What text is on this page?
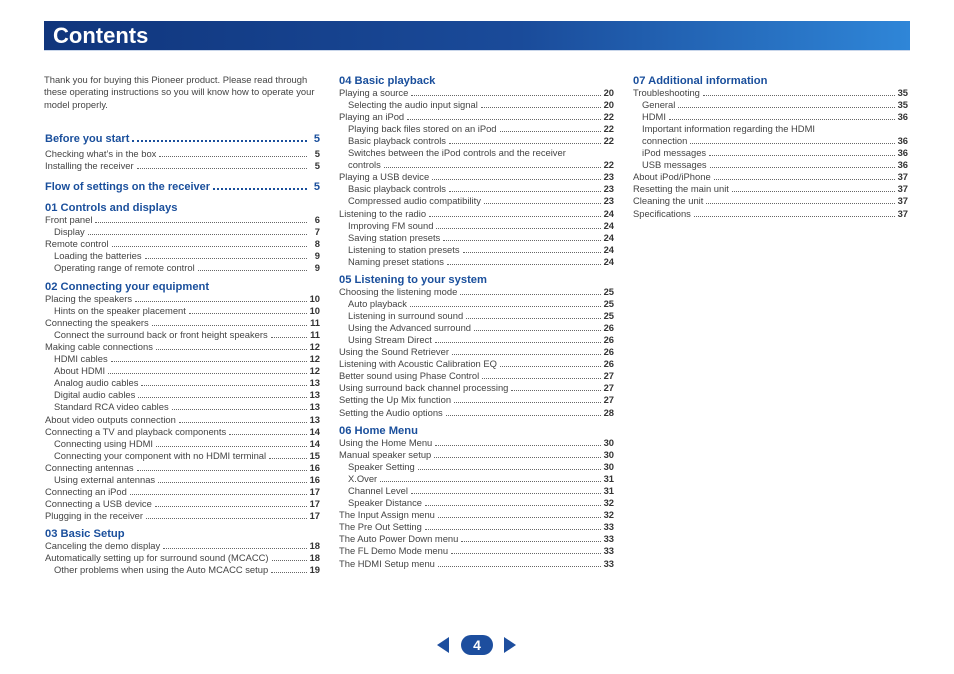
Contents
Thank you for buying this Pioneer product. Please read through these operating instructions so you will know how to operate your model properly.
Before you start	5
Checking what’s in the box	5
Installing the receiver	5
Flow of settings on the receiver	5
01 Controls and displays
Front panel	6
Display	7
Remote control	8
Loading the batteries	9
Operating range of remote control	9
02 Connecting your equipment
Placing the speakers	10
Hints on the speaker placement	10
Connecting the speakers	11
Connect the surround back or front height speakers	11
Making cable connections	12
HDMI cables	12
About HDMI	12
Analog audio cables	13
Digital audio cables	13
Standard RCA video cables	13
About video outputs connection	13
Connecting a TV and playback components	14
Connecting using HDMI	14
Connecting your component with no HDMI terminal	15
Connecting antennas	16
Using external antennas	16
Connecting an iPod	17
Connecting a USB device	17
Plugging in the receiver	17
03 Basic Setup
Canceling the demo display	18
Automatically setting up for surround sound (MCACC)	18
Other problems when using the Auto MCACC setup	19
04 Basic playback
Playing a source	20
Selecting the audio input signal	20
Playing an iPod	22
Playing back files stored on an iPod	22
Basic playback controls	22
Switches between the iPod controls and the receiver
controls	22
Playing a USB device	23
Basic playback controls	23
Compressed audio compatibility	23
Listening to the radio	24
Improving FM sound	24
Saving station presets	24
Listening to station presets	24
Naming preset stations	24
05 Listening to your system
Choosing the listening mode	25
Auto playback	25
Listening in surround sound	25
Using the Advanced surround	26
Using Stream Direct	26
Using the Sound Retriever	26
Listening with Acoustic Calibration EQ	26
Better sound using Phase Control	27
Using surround back channel processing	27
Setting the Up Mix function	27
Setting the Audio options	28
06 Home Menu
Using the Home Menu	30
Manual speaker setup	30
Speaker Setting	30
X.Over	31
Channel Level	31
Speaker Distance	32
The Input Assign menu	32
The Pre Out Setting	33
The Auto Power Down menu	33
The FL Demo Mode menu	33
The HDMI Setup menu	33
07 Additional information
Troubleshooting	35
General	35
HDMI	36
Important information regarding the HDMI
connection	36
iPod messages	36
USB messages	36
About iPod/iPhone	37
Resetting the main unit	37
Cleaning the unit	37
Specifications	37
4
